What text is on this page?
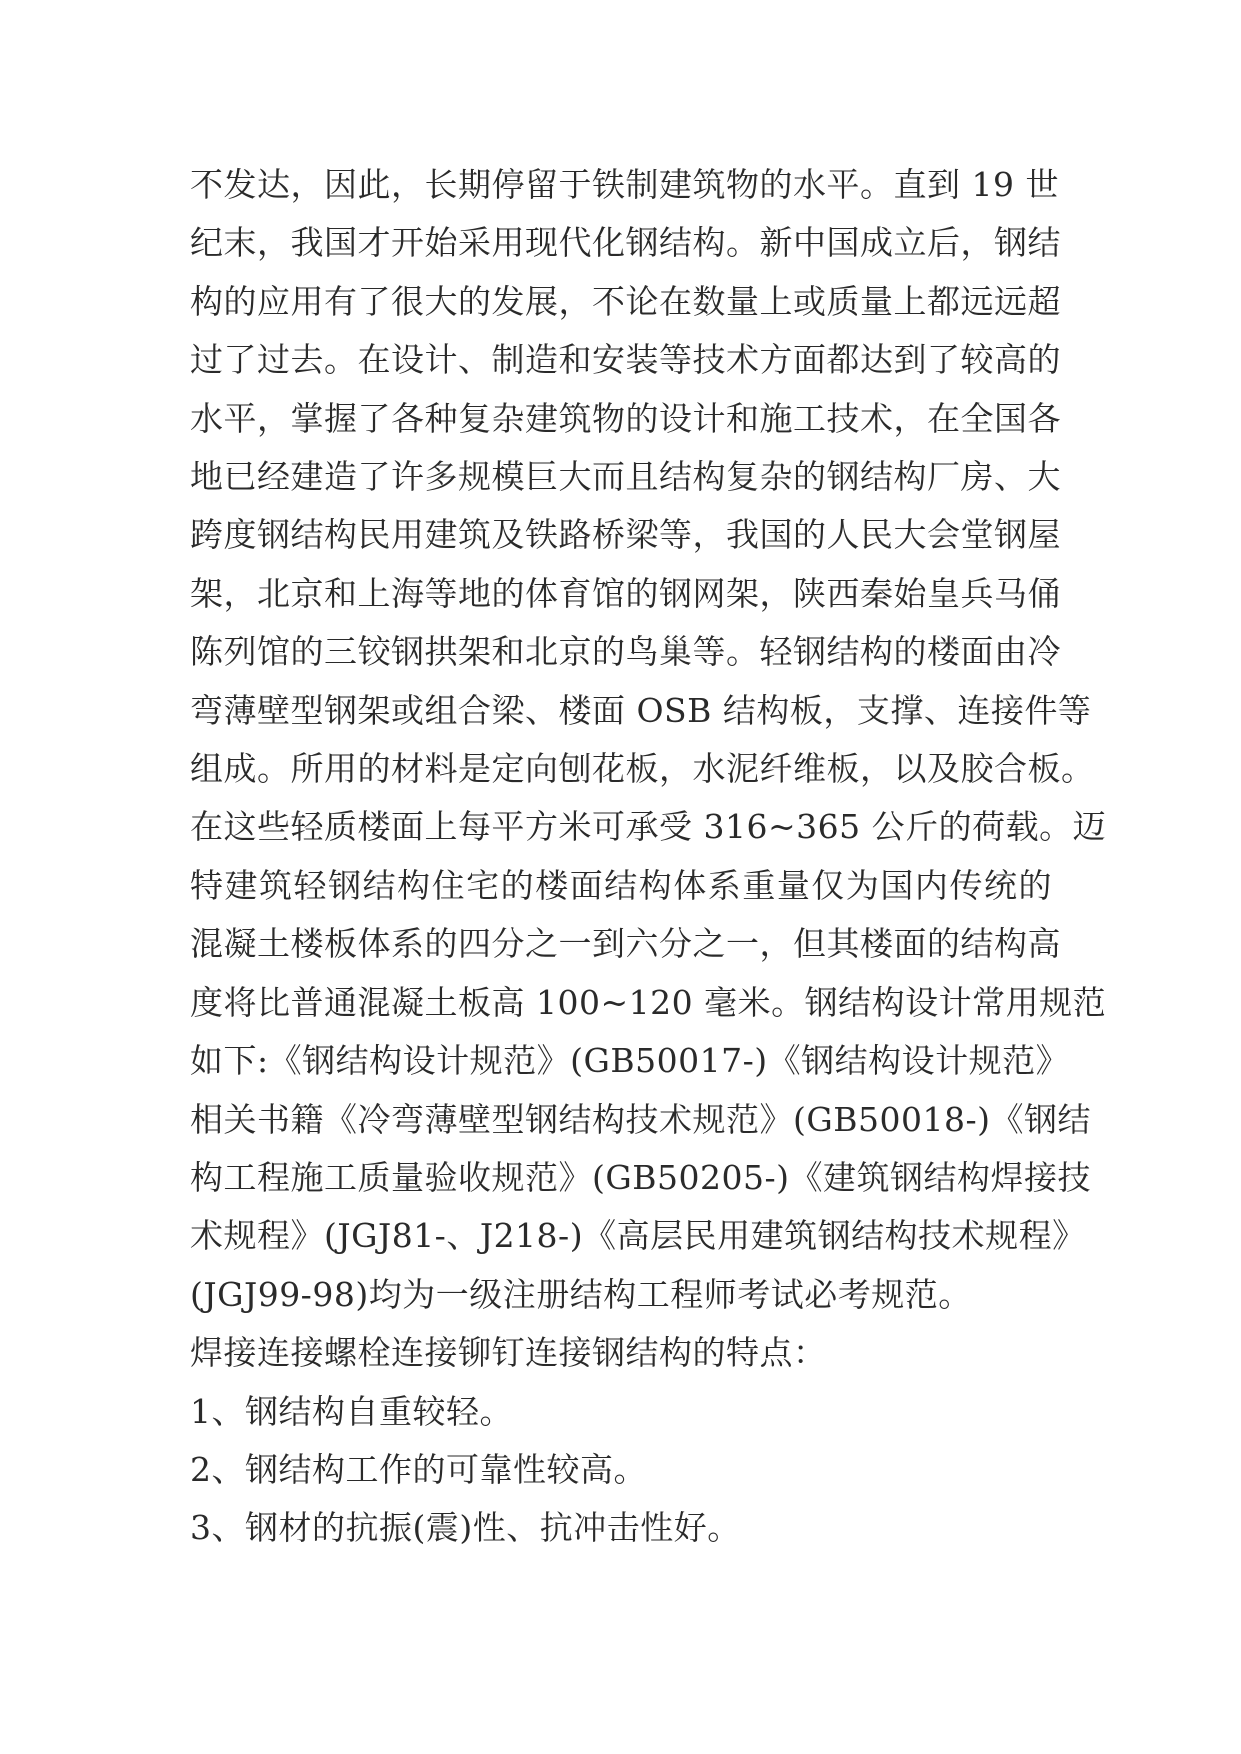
不发达，因此，长期停留于铁制建筑物的水平。直到 19 世
纪末，我国才开始采用现代化钢结构。新中国成立后，钢结
构的应用有了很大的发展，不论在数量上或质量上都远远超
过了过去。在设计、制造和安装等技术方面都达到了较高的
水平，掌握了各种复杂建筑物的设计和施工技术，在全国各
地已经建造了许多规模巨大而且结构复杂的钢结构厂房、大
跨度钢结构民用建筑及铁路桥梁等，我国的人民大会堂钢屋
架，北京和上海等地的体育馆的钢网架，陕西秦始皇兵马俑
陈列馆的三铰钢拱架和北京的鸟巢等。轻钢结构的楼面由冷
弯薄壁型钢架或组合梁、楼面 OSB 结构板，支撑、连接件等
组成。所用的材料是定向刨花板，水泥纤维板，以及胶合板。
在这些轻质楼面上每平方米可承受 316~365 公斤的荷载。迈
特建筑轻钢结构住宅的楼面结构体系重量仅为国内传统的
混凝土楼板体系的四分之一到六分之一，但其楼面的结构高
度将比普通混凝土板高 100~120 毫米。钢结构设计常用规范
如下:《钢结构设计规范》(GB50017-)《钢结构设计规范》
相关书籍《冷弯薄壁型钢结构技术规范》(GB50018-)《钢结
构工程施工质量验收规范》(GB50205-)《建筑钢结构焊接技
术规程》(JGJ81-、J218-)《高层民用建筑钢结构技术规程》
(JGJ99-98)均为一级注册结构工程师考试必考规范。

焊接连接螺栓连接铆钉连接钢结构的特点：

1、钢结构自重较轻。

2、钢结构工作的可靠性较高。

3、钢材的抗振(震)性、抗冲击性好。
